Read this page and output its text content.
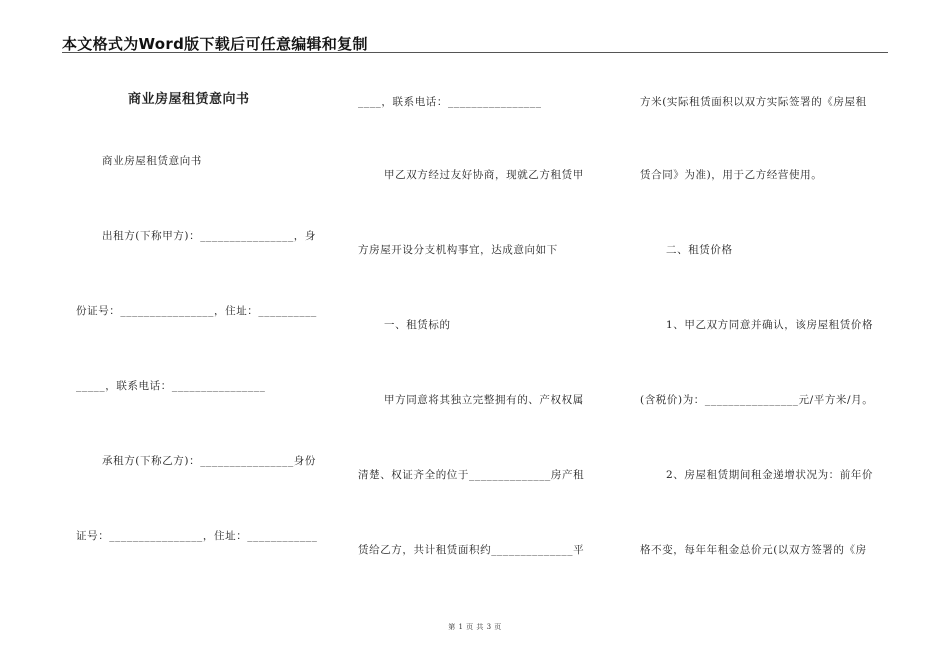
本文格式为Word版下载后可任意编辑和复制
商业房屋租赁意向书
商业房屋租赁意向书
出租方(下称甲方)：________________，身
份证号：________________，住址：__________
_____，联系电话：________________
承租方(下称乙方)：________________身份
证号：________________，住址：____________
____，联系电话：________________
甲乙双方经过友好协商，现就乙方租赁甲
方房屋开设分支机构事宜，达成意向如下
一、租赁标的
甲方同意将其独立完整拥有的、产权权属
清楚、权证齐全的位于______________房产租
赁给乙方，共计租赁面积约______________平
方米(实际租赁面积以双方实际签署的《房屋租
赁合同》为准)，用于乙方经营使用。
二、租赁价格
1、甲乙双方同意并确认，该房屋租赁价格
(含税价)为：________________元/平方米/月。
2、房屋租赁期间租金递增状况为：前年价
格不变，每年年租金总价元(以双方签署的《房
第 1 页 共 3 页
